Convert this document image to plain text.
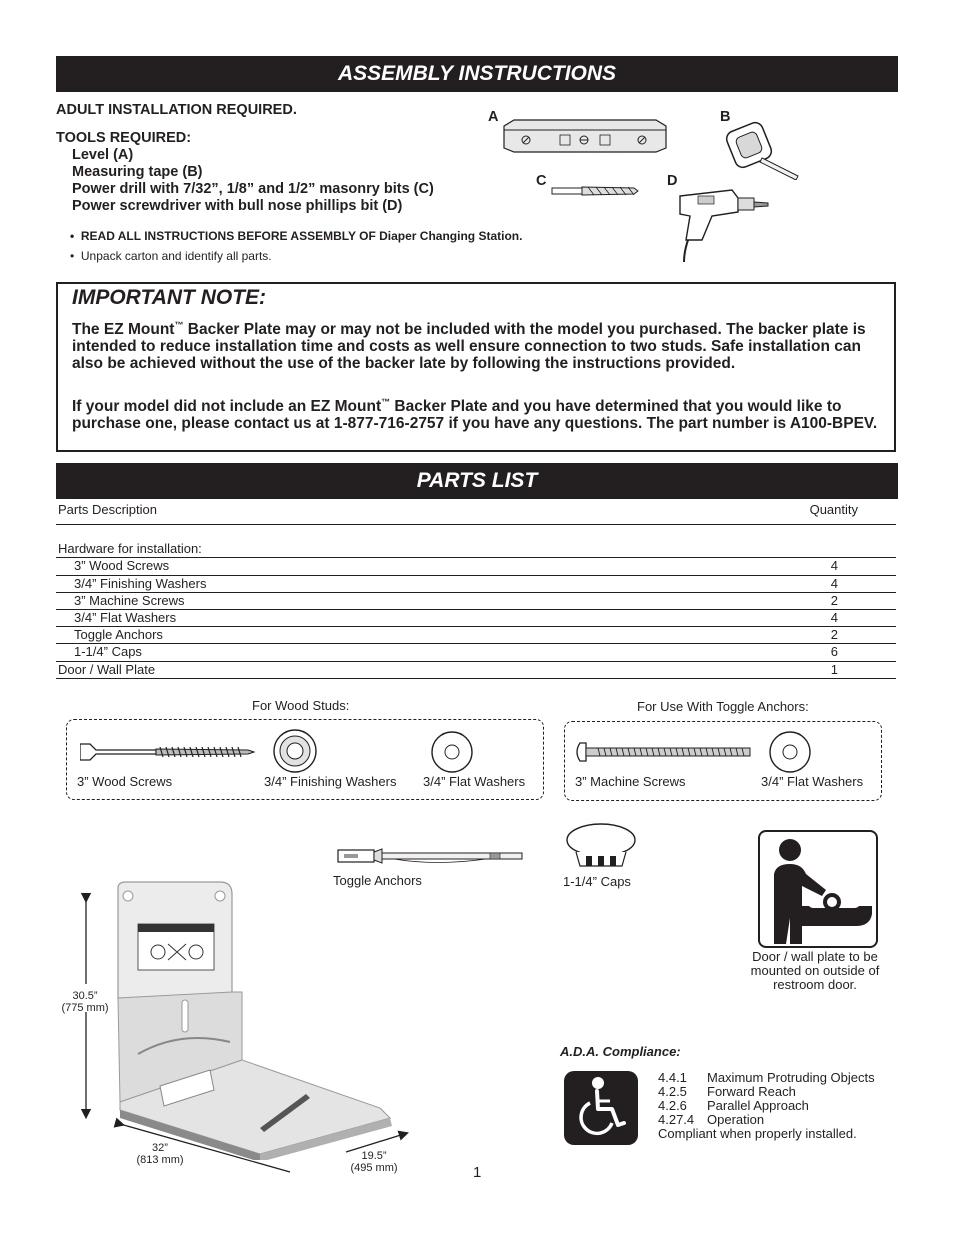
ASSEMBLY INSTRUCTIONS
ADULT INSTALLATION REQUIRED.
TOOLS REQUIRED:
Level (A)
Measuring tape (B)
Power drill with 7/32”, 1/8” and 1/2” masonry bits (C)
Power screwdriver with bull nose phillips bit (D)
•  READ ALL INSTRUCTIONS BEFORE ASSEMBLY OF Diaper Changing Station.
•  Unpack carton and identify all parts.
A	B
C	D
IMPORTANT NOTE:
The EZ Mount™ Backer Plate may or may not be included with the model you purchased. The backer plate is intended to reduce installation time and costs as well ensure connection to two studs. Safe installation can also be achieved without the use of the backer late by following the instructions provided.
If your model did not include an EZ Mount™ Backer Plate and you have determined that you would like to purchase one, please contact us at 1-877-716-2757 if you have any questions. The part number is A100-BPEV.
PARTS LIST
Parts Description	Quantity

Hardware for installation:	
3” Wood Screws	4
3/4” Finishing Washers	4
3” Machine Screws	2
3/4” Flat Washers	4
Toggle Anchors	2
1-1/4” Caps	6
Door / Wall Plate	1
For Wood Studs:	For Use With Toggle Anchors:
3” Wood Screws	3/4” Finishing Washers 3/4” Flat Washers	3” Machine Screws	3/4” Flat Washers
Toggle Anchors	1-1/4” Caps
Door / wall plate to be mounted on outside of restroom door.
30.5”
(775 mm)
32”
(813 mm)	19.5”
(495 mm)	1
A.D.A. Compliance:
4.4.1 Maximum Protruding Objects
4.2.5 Forward Reach
4.2.6 Parallel Approach
4.27.4 Operation
Compliant when properly installed.
